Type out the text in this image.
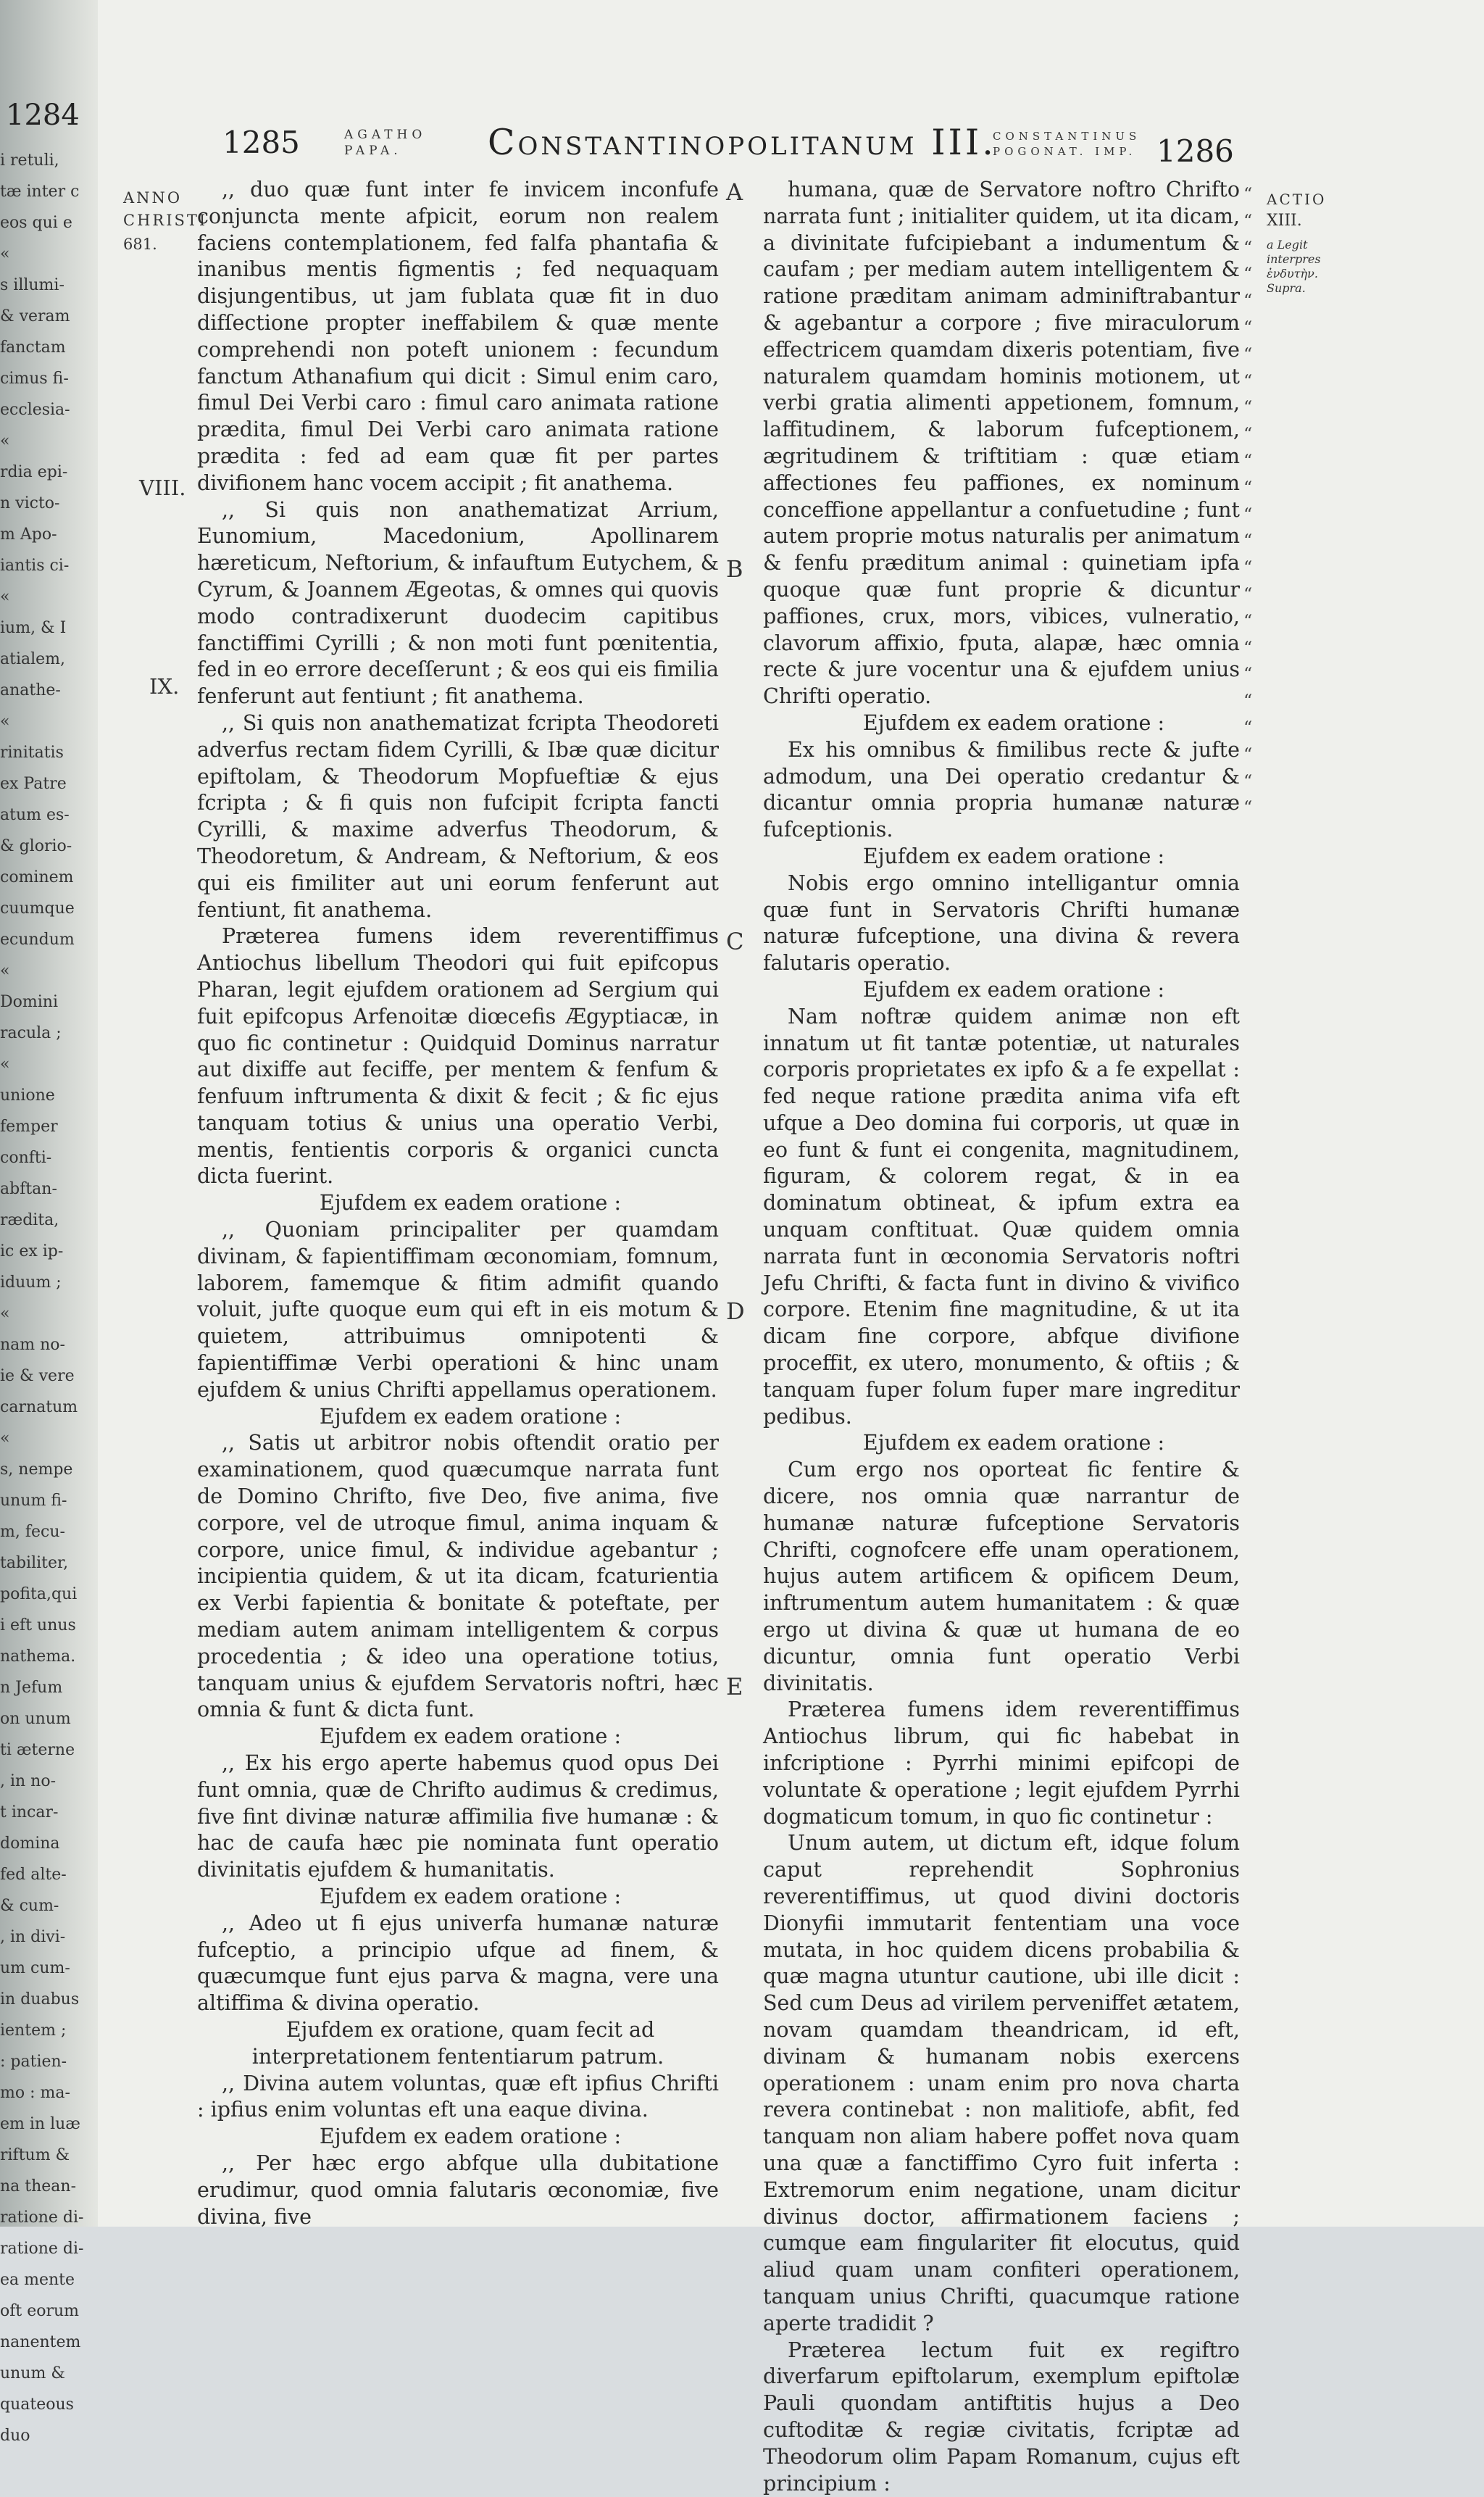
1284
i retuli,
tæ inter c
eos qui e
«
s illumi-
& veram
fanctam
cimus fi-
ecclesia-
«
rdia epi-
n victo-
m Apo-
iantis ci-
«
ium, & I
atialem,
anathe-
«
rinitatis
ex Patre
atum es-
& glorio-
cominem
cuumque
ecundum
«
Domini
racula ;
«
unione
femper
confti-
abftan-
rædita,
ic ex ip-
iduum ;
«
nam no-
ie & vere
carnatum
«
s, nempe
unum fi-
m, fecu-
tabiliter,
pofita,qui
i eft unus
nathema.
n Jefum
on unum
ti æterne
, in no-
t incar-
domina
fed alte-
& cum-
, in divi-
um cum-
in duabus
ientem ;
: patien-
mo : ma-
em in luæ
riftum &
na thean-
ratione di-
ratione di-
ea mente
oft eorum
nanentem
unum &
quateous
duo
1285	AGATHO
PAPA. Constantinopolitanum III.
CONSTANTINUS
POGONAT. IMP. 1286
ANNO
CHRISTI
681.
VIII.
IX.

,, duo quæ funt inter fe invicem inconfufe conjuncta mente afpicit, eorum non realem faciens contemplationem, fed falfa phantafia & inanibus mentis figmentis ; fed nequaquam disjungentibus, ut jam fublata quæ fit in duo difſectione propter ineffabilem & quæ mente comprehendi non poteft unionem : fecundum fanctum Athanafium qui dicit : Simul enim caro, fimul Dei Verbi caro : fimul caro animata ratione prædita, fimul Dei Verbi caro animata ratione prædita : fed ad eam quæ fit per partes divifionem hanc vocem accipit ; fit anathema.

,, Si quis non anathematizat Arrium, Eunomium, Macedonium, Apollinarem hæreticum, Neftorium, & infauftum Eutychem, & Cyrum, & Joannem Ægeotas, & omnes qui quovis modo contradixerunt duodecim capitibus fanctiffimi Cyrilli ; & non moti funt pœnitentia, fed in eo errore deceſſerunt ; & eos qui eis fimilia fenferunt aut fentiunt ; fit anathema.

,, Si quis non anathematizat fcripta Theodoreti adverfus rectam fidem Cyrilli, & Ibæ quæ dicitur epiftolam, & Theodorum Mopfueftiæ & ejus fcripta ; & fi quis non fufcipit fcripta fancti Cyrilli, & maxime adverfus Theodorum, & Theodoretum, & Andream, & Neftorium, & eos qui eis fimiliter aut uni eorum fenferunt aut fentiunt, fit anathema.

Præterea fumens idem reverentiffimus Antiochus libellum Theodori qui fuit epifcopus Pharan, legit ejufdem orationem ad Sergium qui fuit epifcopus Arfenoitæ diœcefis Ægyptiacæ, in quo fic continetur : Quidquid Dominus narratur aut dixiffe aut feciffe, per mentem & fenfum & fenfuum inftrumenta & dixit & fecit ; & fic ejus tanquam totius & unius una operatio Verbi, mentis, fentientis corporis & organici cuncta dicta fuerint.

Ejufdem ex eadem oratione :

,, Quoniam principaliter per quamdam divinam, & fapientiffimam œconomiam, fomnum, laborem, famemque & fitim admifit quando voluit, jufte quoque eum qui eft in eis motum & quietem, attribuimus omnipotenti & fapientiffimæ Verbi operationi & hinc unam ejufdem & unius Chrifti appellamus operationem.

Ejufdem ex eadem oratione :

,, Satis ut arbitror nobis oftendit oratio per examinationem, quod quæcumque narrata funt de Domino Chrifto, five Deo, five anima, five corpore, vel de utroque fimul, anima inquam & corpore, unice fimul, & individue agebantur ; incipientia quidem, & ut ita dicam, fcaturientia ex Verbi fapientia & bonitate & poteftate, per mediam autem animam intelligentem & corpus procedentia ; & ideo una operatione totius, tanquam unius & ejufdem Servatoris noftri, hæc omnia & funt & dicta funt.

Ejufdem ex eadem oratione :

,, Ex his ergo aperte habemus quod opus Dei funt omnia, quæ de Chrifto audimus & credimus, five fint divinæ naturæ affimilia five humanæ : & hac de caufa hæc pie nominata funt operatio divinitatis ejufdem & humanitatis.

Ejufdem ex eadem oratione :

,, Adeo ut fi ejus univerfa humanæ naturæ fufceptio, a principio ufque ad finem, & quæcumque funt ejus parva & magna, vere una altiffima & divina operatio.

Ejufdem ex oratione, quam fecit ad interpretationem fententiarum patrum.

,, Divina autem voluntas, quæ eft ipfius Chrifti : ipfius enim voluntas eft una eaque divina.

Ejufdem ex eadem oratione :

,, Per hæc ergo abfque ulla dubitatione erudimur, quod omnia falutaris œconomiæ, five divina, five

A
B
C
D
E

humana, quæ de Servatore noftro Chrifto narrata funt ; initialiter quidem, ut ita dicam, a divinitate fufcipiebant a indumentum & caufam ; per mediam autem intelligentem & ratione præditam animam adminiftrabantur & agebantur a corpore ; five miraculorum effectricem quamdam dixeris potentiam, five naturalem quamdam hominis motionem, ut verbi gratia alimenti appetionem, fomnum, laffitudinem, & laborum fufceptionem, ægritudinem & triftitiam : quæ etiam affectiones feu paffiones, ex nominum conceffione appellantur a confuetudine ; funt autem proprie motus naturalis per animatum & fenfu præditum animal : quinetiam ipfa quoque quæ funt proprie & dicuntur paffiones, crux, mors, vibices, vulneratio, clavorum affixio, fputa, alapæ, hæc omnia recte & jure vocentur una & ejufdem unius Chrifti operatio.

Ejufdem ex eadem oratione :

Ex his omnibus & fimilibus recte & jufte admodum, una Dei operatio credantur & dicantur omnia propria humanæ naturæ fufceptionis.

Ejufdem ex eadem oratione :

Nobis ergo omnino intelligantur omnia quæ funt in Servatoris Chrifti humanæ naturæ fufceptione, una divina & revera falutaris operatio.

Ejufdem ex eadem oratione :

Nam noftræ quidem animæ non eft innatum ut fit tantæ potentiæ, ut naturales corporis proprietates ex ipfo & a fe expellat : fed neque ratione prædita anima vifa eft ufque a Deo domina fui corporis, ut quæ in eo funt & funt ei congenita, magnitudinem, figuram, & colorem regat, & in ea dominatum obtineat, & ipfum extra ea unquam conftituat. Quæ quidem omnia narrata funt in œconomia Servatoris noftri Jefu Chrifti, & facta funt in divino & vivifico corpore. Etenim fine magnitudine, & ut ita dicam fine corpore, abfque divifione proceffit, ex utero, monumento, & oftiis ; & tanquam fuper folum fuper mare ingreditur pedibus.

Ejufdem ex eadem oratione :

Cum ergo nos oporteat fic fentire & dicere, nos omnia quæ narrantur de humanæ naturæ fufceptione Servatoris Chrifti, cognofcere effe unam operationem, hujus autem artificem & opificem Deum, inftrumentum autem humanitatem : & quæ ergo ut divina & quæ ut humana de eo dicuntur, omnia funt operatio Verbi divinitatis.

Præterea fumens idem reverentiffimus Antiochus librum, qui fic habebat in infcriptione : Pyrrhi minimi epifcopi de voluntate & operatione ; legit ejufdem Pyrrhi dogmaticum tomum, in quo fic continetur :

Unum autem, ut dictum eft, idque folum caput reprehendit Sophronius reverentiffimus, ut quod divini doctoris Dionyfii immutarit fententiam una voce mutata, in hoc quidem dicens probabilia & quæ magna utuntur cautione, ubi ille dicit : Sed cum Deus ad virilem perveniffet ætatem, novam quamdam theandricam, id eft, divinam & humanam nobis exercens operationem : unam enim pro nova charta revera continebat : non malitiofe, abfit, fed tanquam non aliam habere poffet nova quam una quæ a fanctiffimo Cyro fuit inferta : Extremorum enim negatione, unam dicitur divinus doctor, affirmationem faciens ; cumque eam fingulariter fit elocutus, quid aliud quam unam confiteri operationem, tanquam unius Chrifti, quacumque ratione aperte tradidit ?

Præterea lectum fuit ex regiftro diverfarum epiftolarum, exemplum epiftolæ Pauli quondam antiftitis hujus a Deo cuftoditæ & regiæ civitatis, fcriptæ ad Theodorum olim Papam Romanum, cujus eft principium :

“
“
“
“
“
“
“
“
“
“
“
“
“
“
“
“
“
“
“
“
“
“
“
“
ACTIO
XIII.
a Legit interpres ἐνδυτὴν. Supra.
